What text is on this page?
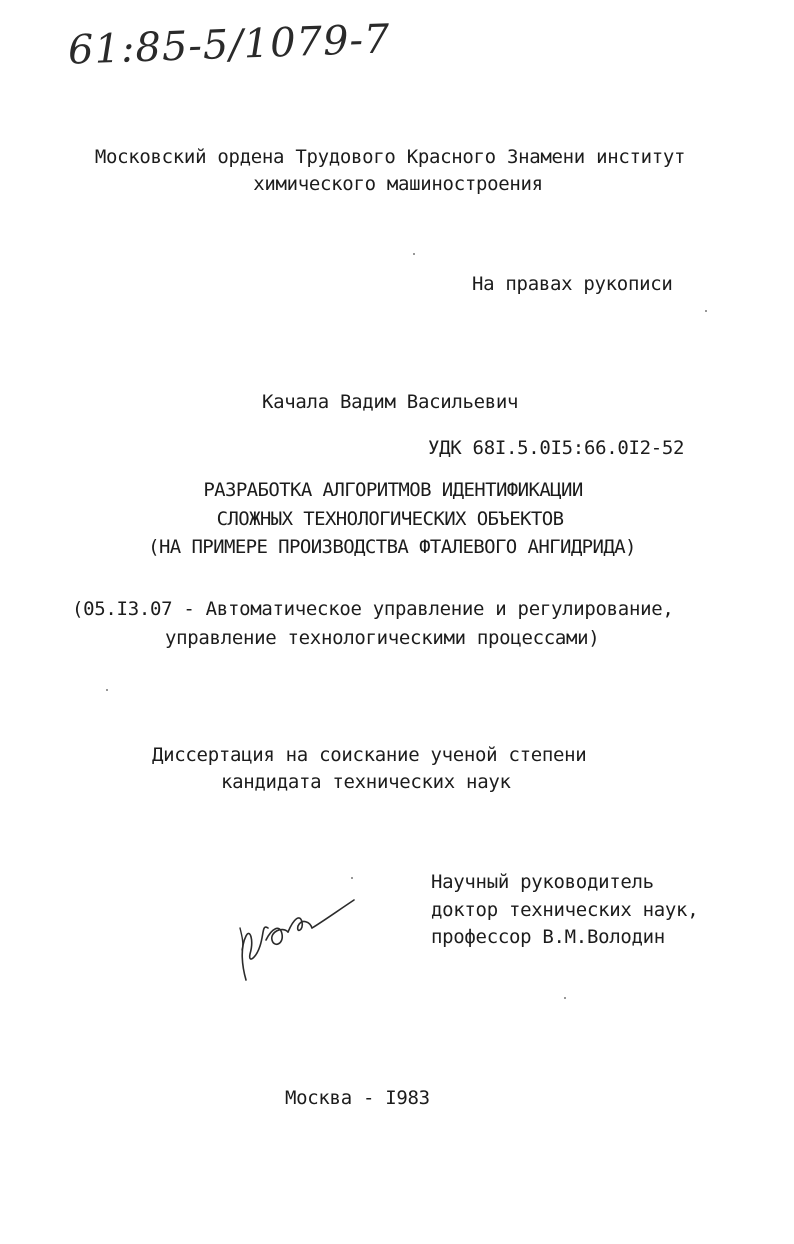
61:85-5/1079-7
Московский ордена Трудового Красного Знамени институт
химического машиностроения
На правах рукописи
Качала Вадим Васильевич
УДК 68I.5.0I5:66.0I2-52
РАЗРАБОТКА АЛГОРИТМОВ ИДЕНТИФИКАЦИИ
СЛОЖНЫХ ТЕХНОЛОГИЧЕСКИХ ОБЪЕКТОВ
(НА ПРИМЕРЕ ПРОИЗВОДСТВА ФТАЛЕВОГО АНГИДРИДА)
(05.I3.07 - Автоматическое управление и регулирование,
управление технологическими процессами)
Диссертация на соискание ученой степени
кандидата технических наук
Научный руководитель
доктор технических наук,
профессор В.М.Володин
Москва - I983
